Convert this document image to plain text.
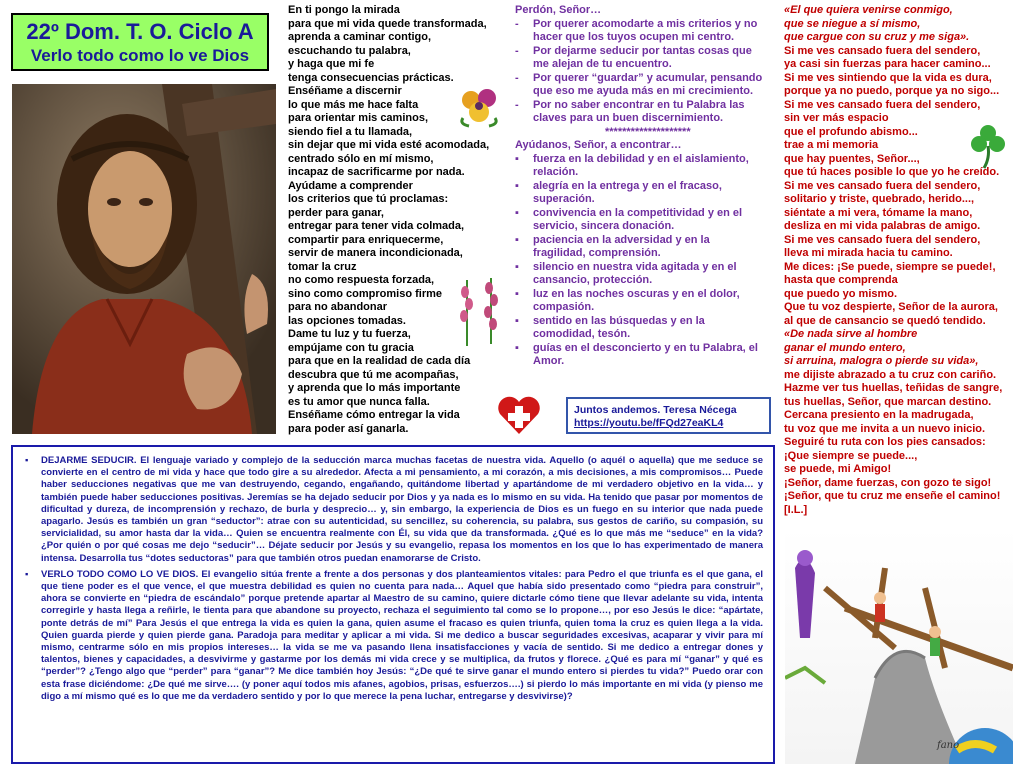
22º Dom. T. O. Ciclo A
Verlo todo como lo ve Dios
En ti pongo la mirada
para que mi vida quede transformada,
aprenda a caminar contigo,
escuchando tu palabra,
y haga que mi fe
tenga consecuencias prácticas.
Enséñame a discernir
lo que más me hace falta
para orientar mis caminos,
siendo fiel a tu llamada,
sin dejar que mi vida esté acomodada,
centrado sólo en mí mismo,
incapaz de sacrificarme por nada.
Ayúdame a comprender
los criterios que tú proclamas:
perder para ganar,
entregar para tener vida colmada,
compartir para enriquecerme,
servir de manera incondicionada,
tomar la cruz
no como respuesta forzada,
sino como compromiso firme
para no abandonar
las opciones tomadas.
Dame tu luz y tu fuerza,
empújame con tu gracia
para que en la realidad de cada día
descubra que tú me acompañas,
y aprenda que lo más importante
es tu amor que nunca falla.
Enséñame cómo entregar la vida
para poder así ganarla.
Perdón, Señor…
- Por querer acomodarte a mis criterios y no hacer que los tuyos ocupen mi centro.
- Por dejarme seducir por tantas cosas que me alejan de tu encuentro.
- Por querer “guardar” y acumular, pensando que eso me ayuda más en mi crecimiento.
- Por no saber encontrar en tu Palabra las claves para un buen discernimiento.
********************
Ayúdanos, Señor, a encontrar…
▪ fuerza en la debilidad y en el aislamiento, relación.
▪ alegría en la entrega y en el fracaso, superación.
▪ convivencia en la competitividad y en el servicio, sincera donación.
▪ paciencia en la adversidad y en la fragilidad, comprensión.
▪ silencio en nuestra vida agitada y en el cansancio, protección.
▪ luz en las noches oscuras y en el dolor, compasión.
▪ sentido en las búsquedas y en la comodidad, tesón.
▪ guías en el desconcierto y en tu Palabra, el Amor.
Juntos andemos. Teresa Nécega
https://youtu.be/fFQd27eaKL4
«El que quiera venirse conmigo,
que se niegue a sí mismo,
que cargue con su cruz y me siga».
Si me ves cansado fuera del sendero,
ya casi sin fuerzas para hacer camino...
Si me ves sintiendo que la vida es dura,
porque ya no puedo, porque ya no sigo...
Si me ves cansado fuera del sendero,
sin ver más espacio
que el profundo abismo...
trae a mi memoria
que hay puentes, Señor...,
que tú haces posible lo que yo he creído.
Si me ves cansado fuera del sendero,
solitario y triste, quebrado, herido...,
siéntate a mi vera, tómame la mano,
desliza en mi vida palabras de amigo.
Si me ves cansado fuera del sendero,
lleva mi mirada hacia tu camino.
Me dices: ¡Se puede, siempre se puede!,
hasta que comprenda
que puedo yo mismo.
Que tu voz despierte, Señor de la aurora,
al que de cansancio se quedó tendido.
«De nada sirve al hombre
ganar el mundo entero,
si arruina, malogra o pierde su vida»,
me dijiste abrazado a tu cruz con cariño.
Hazme ver tus huellas, teñidas de sangre,
tus huellas, Señor, que marcan destino.
Cercana presiento en la madrugada,
tu voz que me invita a un nuevo inicio.
Seguiré tu ruta con los pies cansados:
¡Que siempre se puede...,
se puede, mi Amigo!
¡Señor, dame fuerzas, con gozo te sigo!
¡Señor, que tu cruz me enseñe el camino!
[I.L.]

▪ DEJARME SEDUCIR. El lenguaje variado y complejo de la seducción marca muchas facetas de nuestra vida. Aquello (o aquél o aquella) que me seduce se convierte en el centro de mi vida y hace que todo gire a su alrededor. Afecta a mi pensamiento, a mi corazón, a mis decisiones, a mis compromisos… Puede haber seducciones negativas que me van destruyendo, cegando, engañando, quitándome libertad y apartándome de mi verdadero objetivo en la vida… y también puede haber seducciones positivas. Jeremías se ha dejado seducir por Dios y ya nada es lo mismo en su vida. Ha tenido que pasar por momentos de dificultad y dureza, de incomprensión y rechazo, de burla y desprecio… y, sin embargo, la experiencia de Dios es un fuego en su interior que nada puede apagarlo. Jesús es también un gran “seductor”: atrae con su autenticidad, su sencillez, su coherencia, su palabra, sus gestos de cariño, su compasión, su servicialidad, su amor hasta dar la vida… Quien se encuentra realmente con Él, su vida que da transformada. ¿Qué es lo que más me “seduce” en la vida? ¿Por quién o por qué cosas me dejo “seducir”… Déjate seducir por Jesús y su evangelio, repasa los momentos en los que lo has experimentado de manera intensa. Desarrolla tus “dotes seductoras” para que también otros puedan enamorarse de Cristo.

▪ VERLO TODO COMO LO VE DIOS. El evangelio sitúa frente a frente a dos personas y dos planteamientos vitales: para Pedro el que triunfa es el que gana, el que tiene poder es el que vence, el que muestra debilidad es quien no cuenta para nada… Aquel que había sido presentado como “piedra para construir”, ahora se convierte en “piedra de escándalo” porque pretende apartar al Maestro de su camino, quiere dictarle cómo tiene que llevar adelante su vida, intenta corregirle y hasta llega a reñirle, le tienta para que abandone su proyecto, rechaza el seguimiento tal como se lo propone…, por eso Jesús le dice: “apártate, ponte detrás de mí” Para Jesús el que entrega la vida es quien la gana, quien asume el fracaso es quien triunfa, quien toma la cruz es quien llega a la vida. Quien guarda pierde y quien pierde gana. Paradoja para meditar y aplicar a mi vida. Si me dedico a buscar seguridades excesivas, acaparar y vivir para mí mismo, centrarme sólo en mis propios intereses… la vida se me va pasando llena insatisfacciones y vacía de sentido. Si me dedico a entregar dones y talentos, bienes y capacidades, a desvivirme y gastarme por los demás mi vida crece y se multiplica, da frutos y florece. ¿Qué es para mí “ganar” y qué es “perder”? ¿Tengo algo que “perder” para “ganar”? Me dice también hoy Jesús: “¿De qué te sirve ganar el mundo entero si pierdes tu vida?” Puedo orar con esta frase diciéndome: ¿De qué me sirve…. (y poner aquí todos mis afanes, agobios, prisas, esfuerzos….) si pierdo lo más importante en mi vida (y pienso me digo a mí mismo qué es lo que me da verdadero sentido y por lo que merece la pena luchar, entregarse y desvivirse)?

fano
